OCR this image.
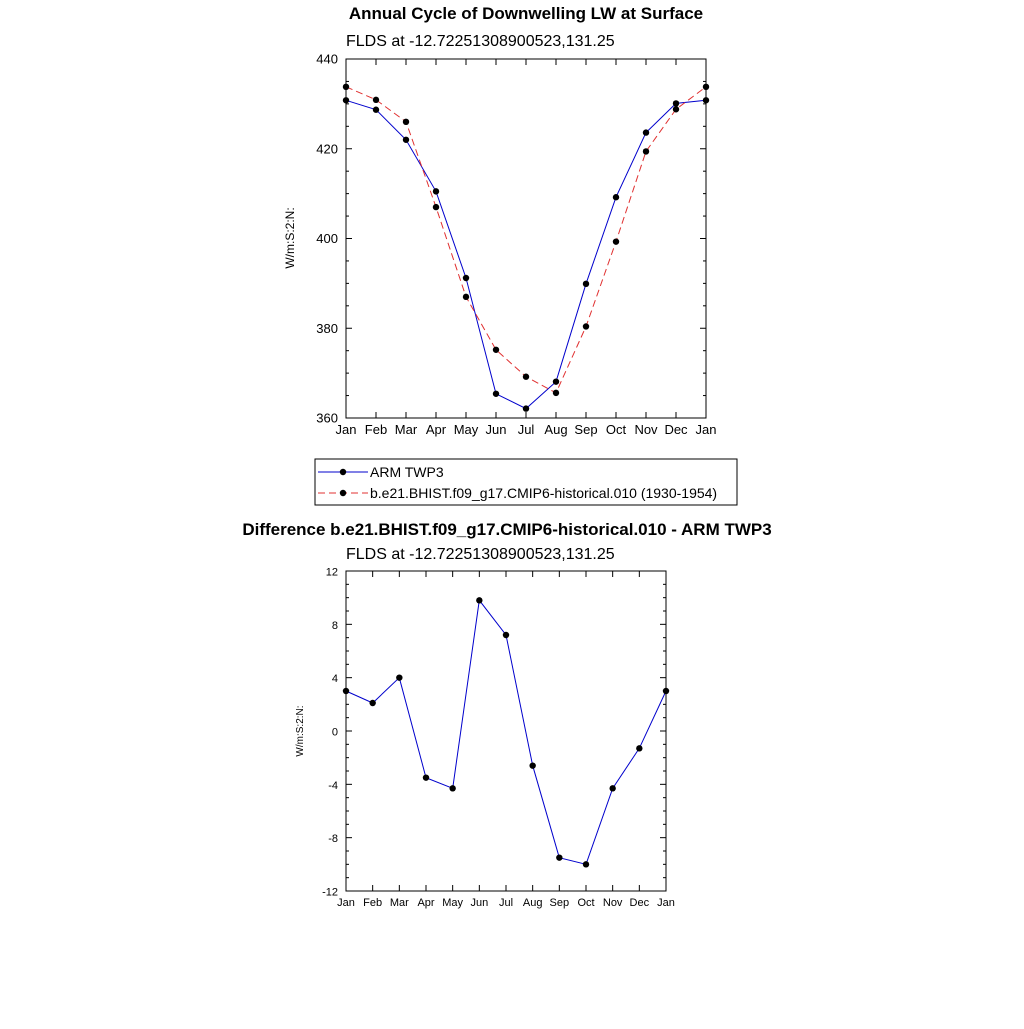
Annual Cycle of Downwelling LW at Surface
FLDS at -12.72251308900523,131.25
W/m:S:2:N:
Jan Feb Mar Apr May Jun Jul Aug Sep Oct Nov Dec Jan
360
380
400
420
440
ARM TWP3
b.e21.BHIST.f09_g17.CMIP6-historical.010 (1930-1954)
Difference b.e21.BHIST.f09_g17.CMIP6-historical.010 - ARM TWP3
FLDS at -12.72251308900523,131.25
W/m:S:2:N:
Jan Feb Mar Apr May Jun Jul Aug Sep Oct Nov Dec Jan
-12
-8
-4
0
4
8
12
